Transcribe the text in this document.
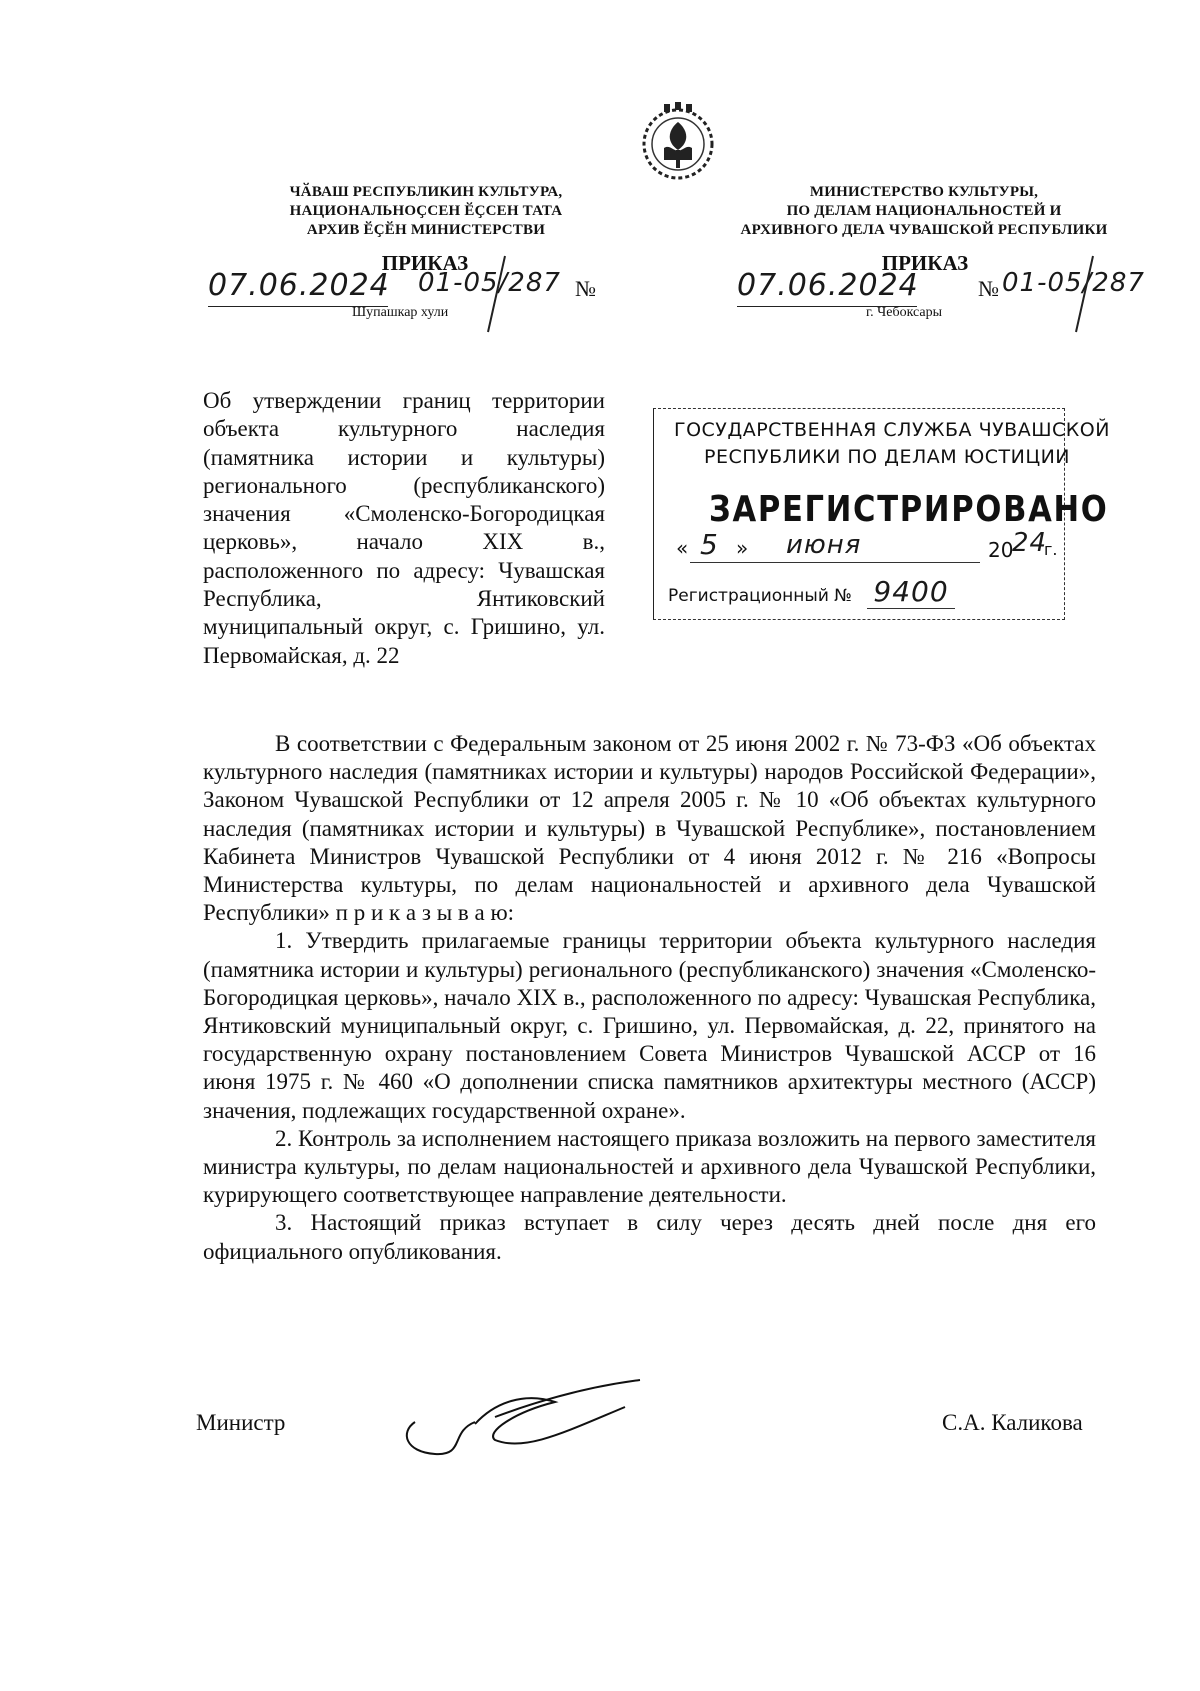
ЧӐВАШ РЕСПУБЛИКИН КУЛЬТУРА,
НАЦИОНАЛЬНОҪСЕН ӖҪСЕН ТАТА
АРХИВ ӖҪӖН МИНИСТЕРСТВИ
МИНИСТЕРСТВО КУЛЬТУРЫ,
ПО ДЕЛАМ НАЦИОНАЛЬНОСТЕЙ И
АРХИВНОГО ДЕЛА ЧУВАШСКОЙ РЕСПУБЛИКИ
ПРИКАЗ	ПРИКАЗ
07.06.2024 01-05/287 №
Шупашкар хули
07.06.2024	№ 01-05/287
г. Чебоксары
Об утверждении границ территории объекта культурного наследия (памятника истории и культуры) регионального (республиканского) значения «Смоленско-Богородицкая церковь», начало XIX в., расположенного по адресу: Чувашская Республика, Янтиковский муниципальный округ, с. Гришино, ул. Первомайская, д. 22
ГОСУДАРСТВЕННАЯ СЛУЖБА ЧУВАШСКОЙ
РЕСПУБЛИКИ ПО ДЕЛАМ ЮСТИЦИИ
ЗАРЕГИСТРИРОВАНО
« 5 » июня	20
24
г.
Регистрационный № 9400

В соответствии с Федеральным законом от 25 июня 2002 г. № 73-ФЗ «Об объектах культурного наследия (памятниках истории и культуры) народов Российской Федерации», Законом Чувашской Республики от 12 апреля 2005 г. № 10 «Об объектах культурного наследия (памятниках истории и культуры) в Чувашской Республике», постановлением Кабинета Министров Чувашской Республики от 4 июня 2012 г. № 216 «Вопросы Министерства культуры, по делам национальностей и архивного дела Чувашской Республики» п р и к а з ы в а ю:

1. Утвердить прилагаемые границы территории объекта культурного наследия (памятника истории и культуры) регионального (республиканского) значения «Смоленско-Богородицкая церковь», начало XIX в., расположенного по адресу: Чувашская Республика, Янтиковский муниципальный округ, с. Гришино, ул. Первомайская, д. 22, принятого на государственную охрану постановлением Совета Министров Чувашской АССР от 16 июня 1975 г. № 460 «О дополнении списка памятников архитектуры местного (АССР) значения, подлежащих государственной охране».

2. Контроль за исполнением настоящего приказа возложить на первого заместителя министра культуры, по делам национальностей и архивного дела Чувашской Республики, курирующего соответствующее направление деятельности.

3. Настоящий приказ вступает в силу через десять дней после дня его официального опубликования.

Министр	С.А. Каликова
